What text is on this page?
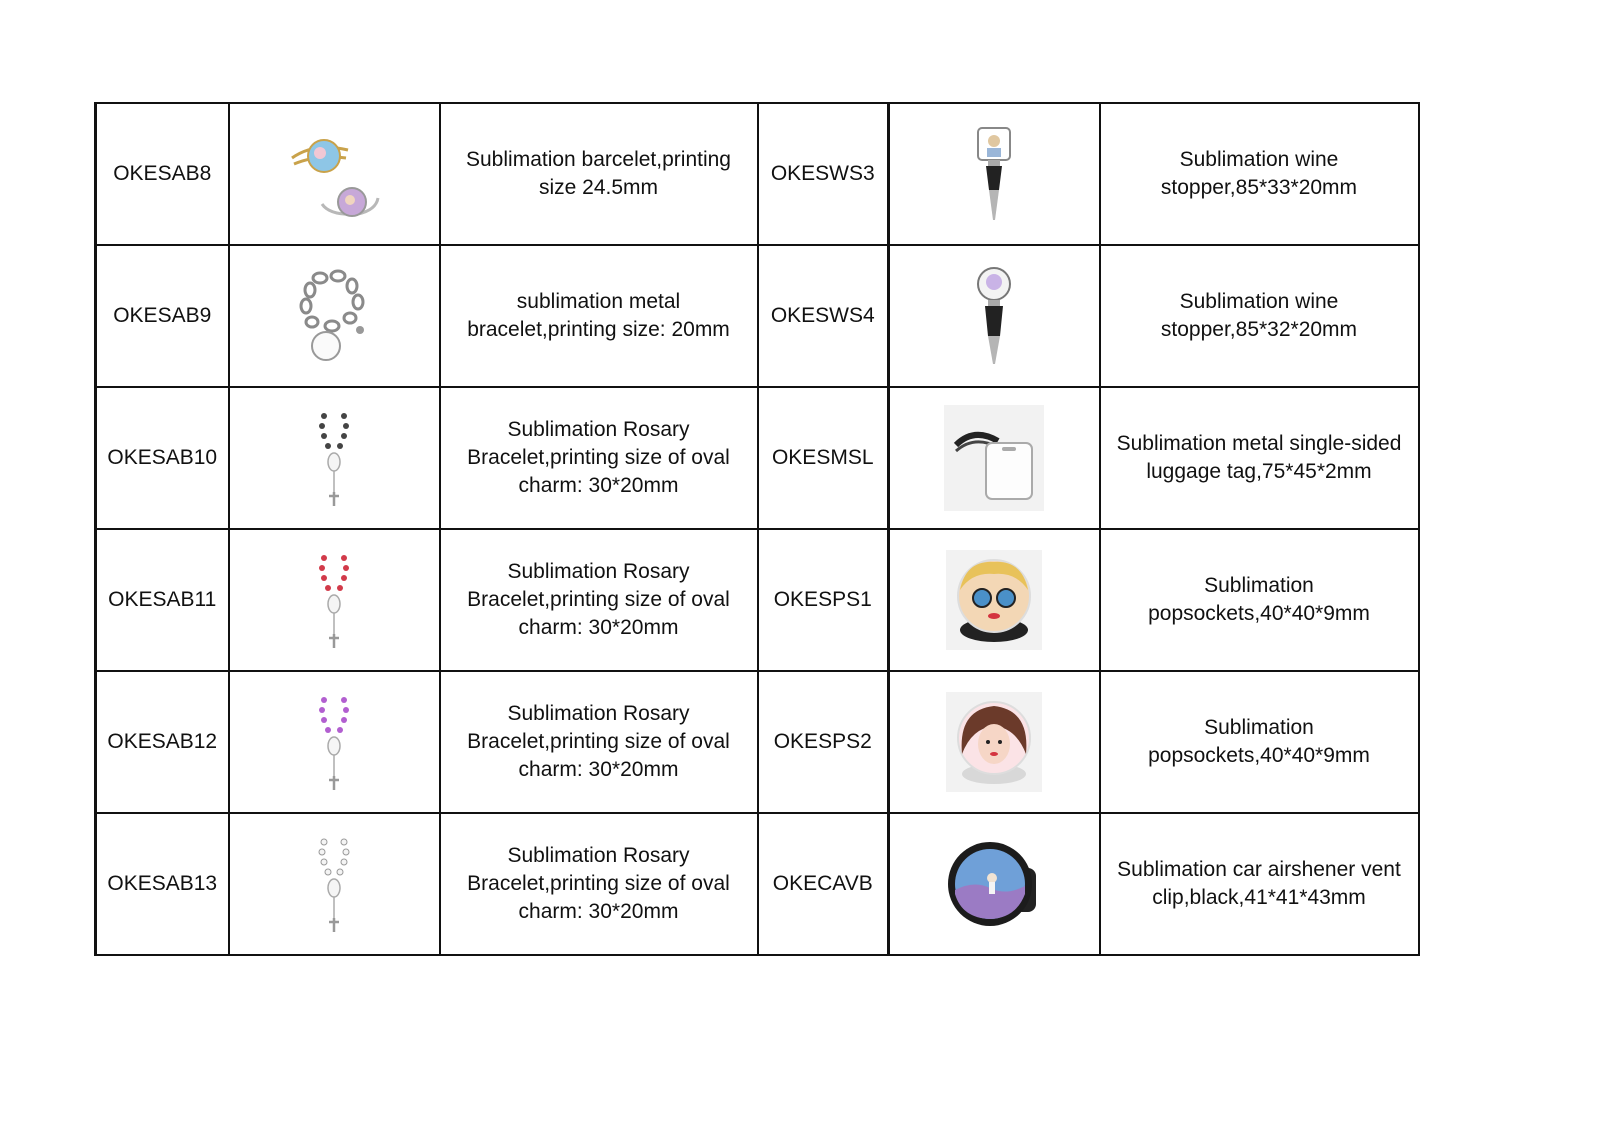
OKESAB8		Sublimation barcelet,printing size 24.5mm	OKESWS3		Sublimation wine stopper,85*33*20mm
OKESAB9		sublimation metal bracelet,printing size: 20mm	OKESWS4		Sublimation wine stopper,85*32*20mm
OKESAB10		Sublimation Rosary Bracelet,printing size of oval charm: 30*20mm	OKESMSL		Sublimation metal single-sided luggage tag,75*45*2mm
OKESAB11		Sublimation Rosary Bracelet,printing size of oval charm: 30*20mm	OKESPS1		Sublimation popsockets,40*40*9mm
OKESAB12		Sublimation Rosary Bracelet,printing size of oval charm: 30*20mm	OKESPS2		Sublimation popsockets,40*40*9mm
OKESAB13		Sublimation Rosary Bracelet,printing size of oval charm: 30*20mm	OKECAVB		Sublimation car airshener vent clip,black,41*41*43mm
